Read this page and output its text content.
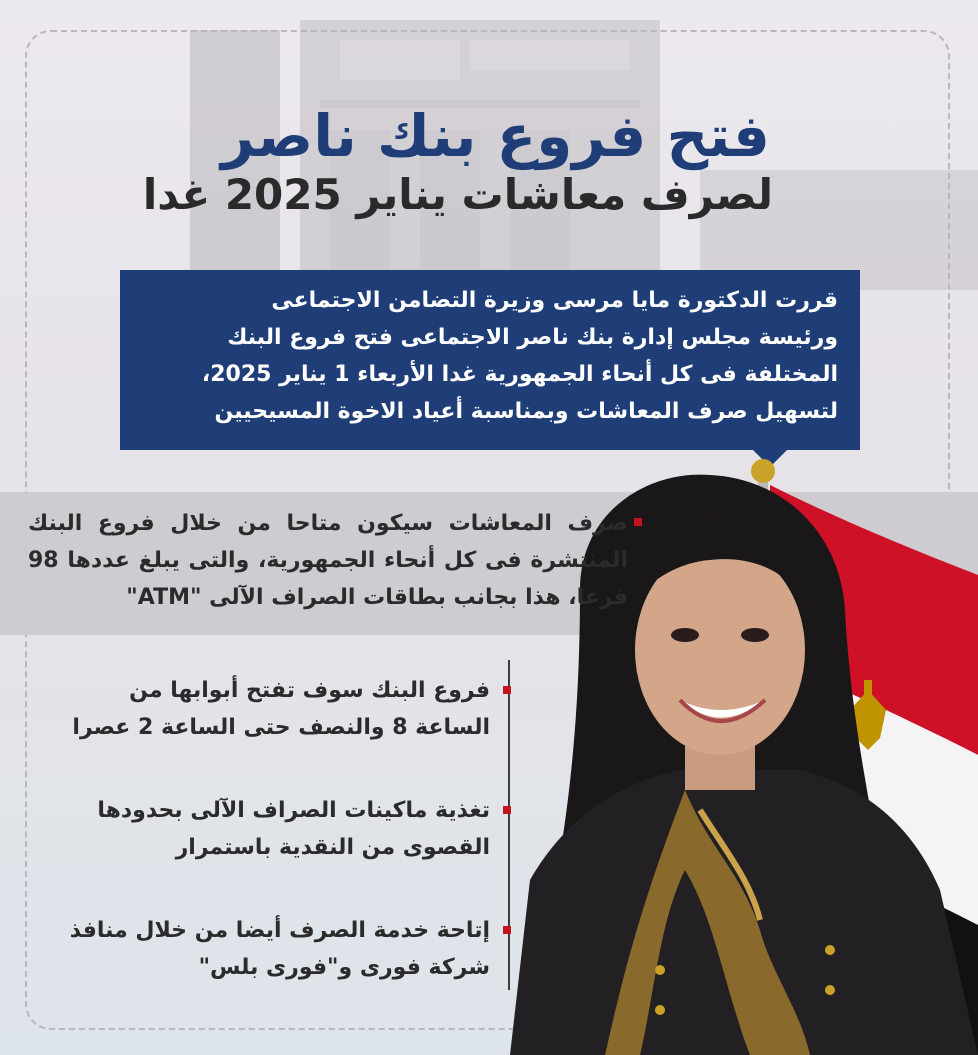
فتح فروع بنك ناصر
لصرف معاشات يناير 2025 غدا

قررت الدكتورة مايا مرسى وزيرة التضامن الاجتماعى

ورئيسة مجلس إدارة بنك ناصر الاجتماعى فتح فروع البنك

المختلفة فى كل أنحاء الجمهورية غدا الأربعاء 1 يناير 2025،

لتسهيل صرف المعاشات وبمناسبة أعياد الاخوة المسيحيين

صرف المعاشات سيكون متاحا من خلال فروع البنك المنتشرة فى كل أنحاء الجمهورية، والتى يبلغ عددها 98 فرعا، هذا بجانب بطاقات الصراف الآلى "ATM"

فروع البنك سوف تفتح أبوابها من الساعة 8 والنصف حتى الساعة 2 عصرا

تغذية ماكينات الصراف الآلى بحدودها القصوى من النقدية باستمرار

إتاحة خدمة الصرف أيضا من خلال منافذ شركة فورى و"فورى بلس"
